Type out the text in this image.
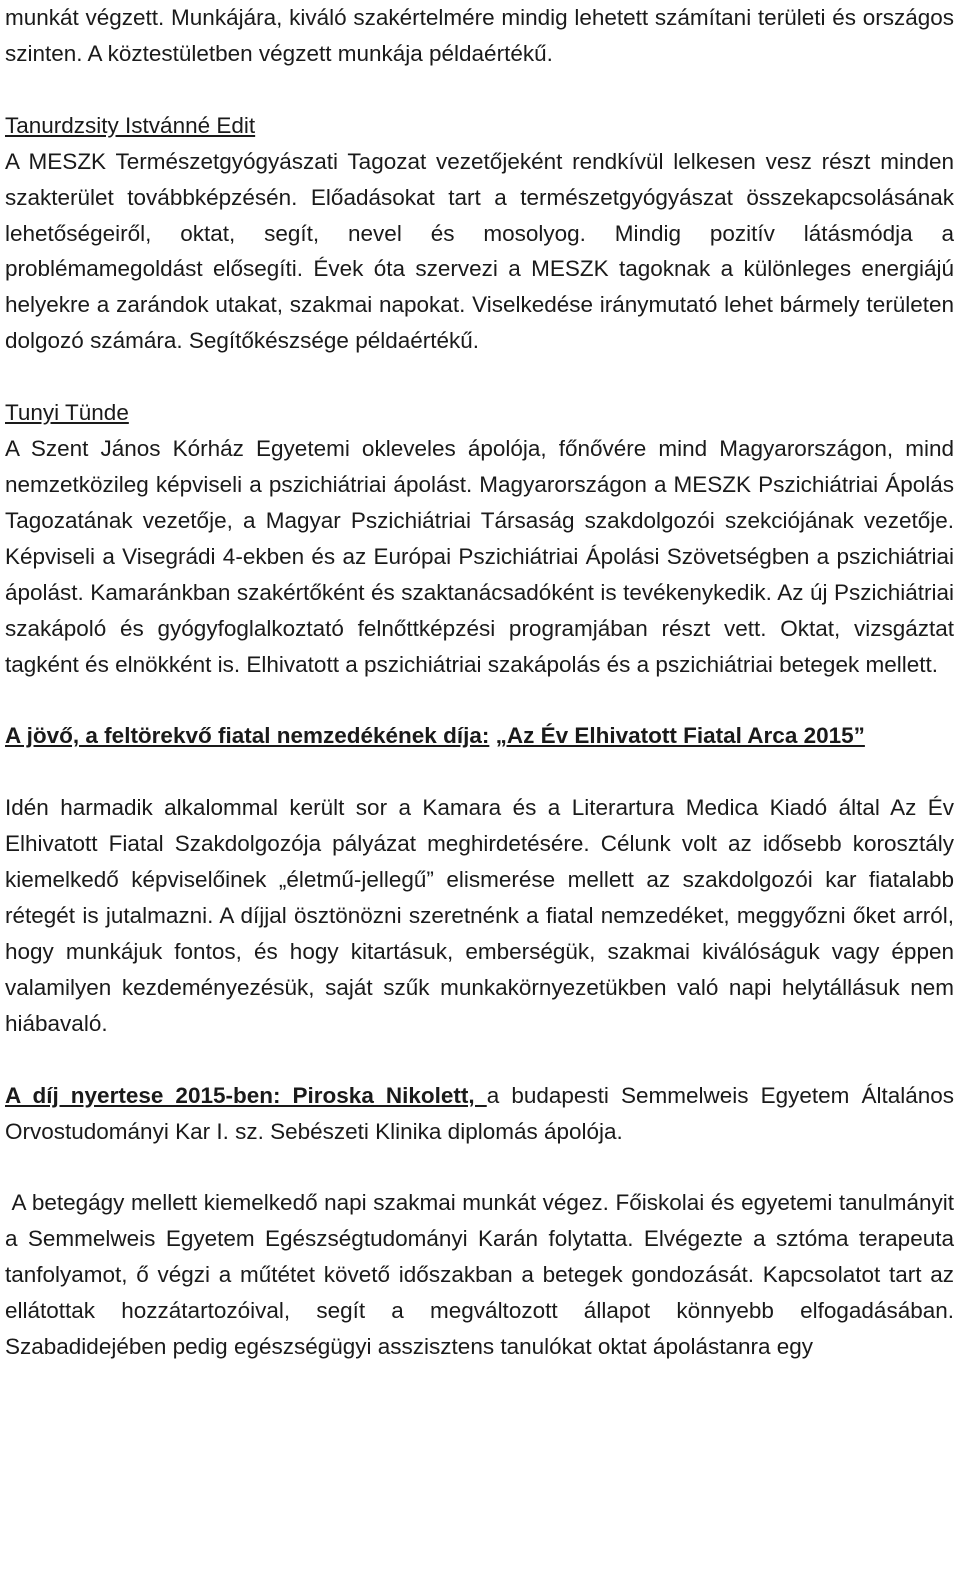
munkát végzett. Munkájára, kiváló szakértelmére mindig lehetett számítani területi és országos szinten. A köztestületben végzett munkája példaértékű.

Tanurdzsity Istvánné Edit

A MESZK Természetgyógyászati Tagozat vezetőjeként rendkívül lelkesen vesz részt minden szakterület továbbképzésén. Előadásokat tart a természetgyógyászat összekapcsolásának lehetőségeiről, oktat, segít, nevel és mosolyog. Mindig pozitív látásmódja a problémamegoldást elősegíti. Évek óta szervezi a MESZK tagoknak a különleges energiájú helyekre a zarándok utakat, szakmai napokat. Viselkedése iránymutató lehet bármely területen dolgozó számára. Segítőkészsége példaértékű.

Tunyi Tünde

A Szent János Kórház Egyetemi okleveles ápolója, főnővére mind Magyarországon, mind nemzetközileg képviseli a pszichiátriai ápolást. Magyarországon a MESZK Pszichiátriai Ápolás Tagozatának vezetője, a Magyar Pszichiátriai Társaság szakdolgozói szekciójának vezetője. Képviseli a Visegrádi 4-ekben és az Európai Pszichiátriai Ápolási Szövetségben a pszichiátriai ápolást. Kamaránkban szakértőként és szaktanácsadóként is tevékenykedik. Az új Pszichiátriai szakápoló és gyógyfoglalkoztató felnőttképzési programjában részt vett. Oktat, vizsgáztat tagként és elnökként is. Elhivatott a pszichiátriai szakápolás és a pszichiátriai betegek mellett.

A jövő, a feltörekvő fiatal nemzedékének díja: „Az Év Elhivatott Fiatal Arca 2015”

Idén harmadik alkalommal került sor a Kamara és a Literartura Medica Kiadó által Az Év Elhivatott Fiatal Szakdolgozója pályázat meghirdetésére. Célunk volt az idősebb korosztály kiemelkedő képviselőinek „életmű-jellegű” elismerése mellett az szakdolgozói kar fiatalabb rétegét is jutalmazni. A díjjal ösztönözni szeretnénk a fiatal nemzedéket, meggyőzni őket arról, hogy munkájuk fontos, és hogy kitartásuk, emberségük, szakmai kiválóságuk vagy éppen valamilyen kezdeményezésük, saját szűk munkakörnyezetükben való napi helytállásuk nem hiábavaló.

A díj nyertese 2015-ben: Piroska Nikolett, a budapesti Semmelweis Egyetem Általános Orvostudományi Kar I. sz. Sebészeti Klinika diplomás ápolója.

A betegágy mellett kiemelkedő napi szakmai munkát végez. Főiskolai és egyetemi tanulmányit a Semmelweis Egyetem Egészségtudományi Karán folytatta. Elvégezte a sztóma terapeuta tanfolyamot, ő végzi a műtétet követő időszakban a betegek gondozását. Kapcsolatot tart az ellátottak hozzátartozóival, segít a megváltozott állapot könnyebb elfogadásában. Szabadidejében pedig egészségügyi asszisztens tanulókat oktat ápolástanra egy
